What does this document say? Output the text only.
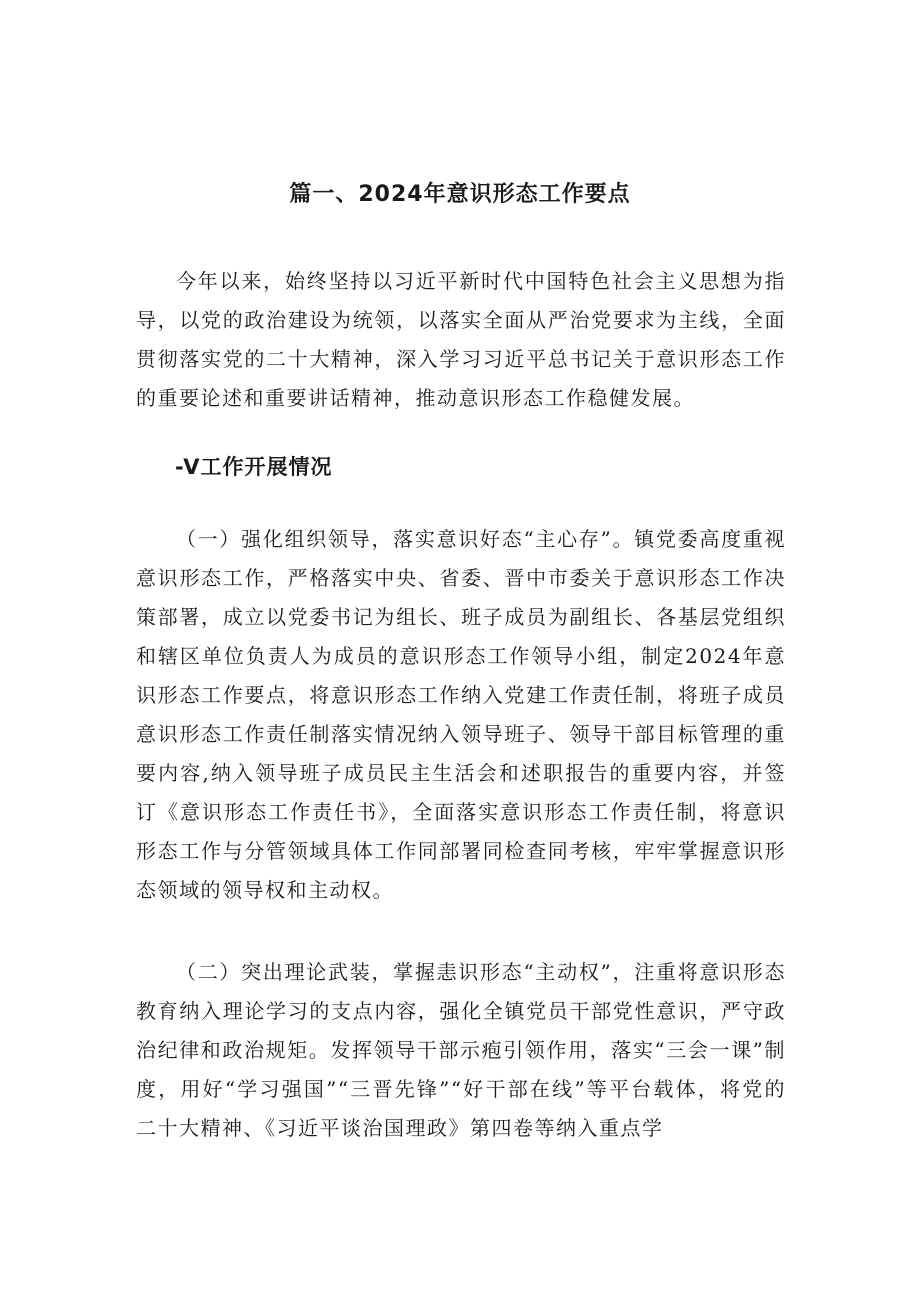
篇一、2024年意识形态工作要点

今年以来，始终坚持以习近平新时代中国特色社会主义思想为指导，以党的政治建设为统领，以落实全面从严治党要求为主线，全面贯彻落实党的二十大精神，深入学习习近平总书记关于意识形态工作的重要论述和重要讲话精神，推动意识形态工作稳健发展。

-V工作开展情况

（一）强化组织领导，落实意识好态“主心存”。镇党委高度重视意识形态工作，严格落实中央、省委、晋中市委关于意识形态工作决策部署，成立以党委书记为组长、班子成员为副组长、各基层党组织和辖区单位负责人为成员的意识形态工作领导小组，制定2024年意识形态工作要点，将意识形态工作纳入党建工作责任制，将班子成员意识形态工作责任制落实情况纳入领导班子、领导干部目标管理的重要内容,纳入领导班子成员民主生活会和述职报告的重要内容，并签订《意识形态工作责任书》，全面落实意识形态工作责任制，将意识形态工作与分管领域具体工作同部署同检查同考核，牢牢掌握意识形态领域的领导权和主动权。

（二）突出理论武装，掌握恚识形态“主动权”，注重将意识形态教育纳入理论学习的支点内容，强化全镇党员干部党性意识，严守政治纪律和政治规矩。发挥领导干部示疱引领作用，落实“三会一课”制度，用好“学习强国”“三晋先锋”“好干部在线”等平台载体，将党的二十大精神、《习近平谈治国理政》第四卷等纳入重点学
